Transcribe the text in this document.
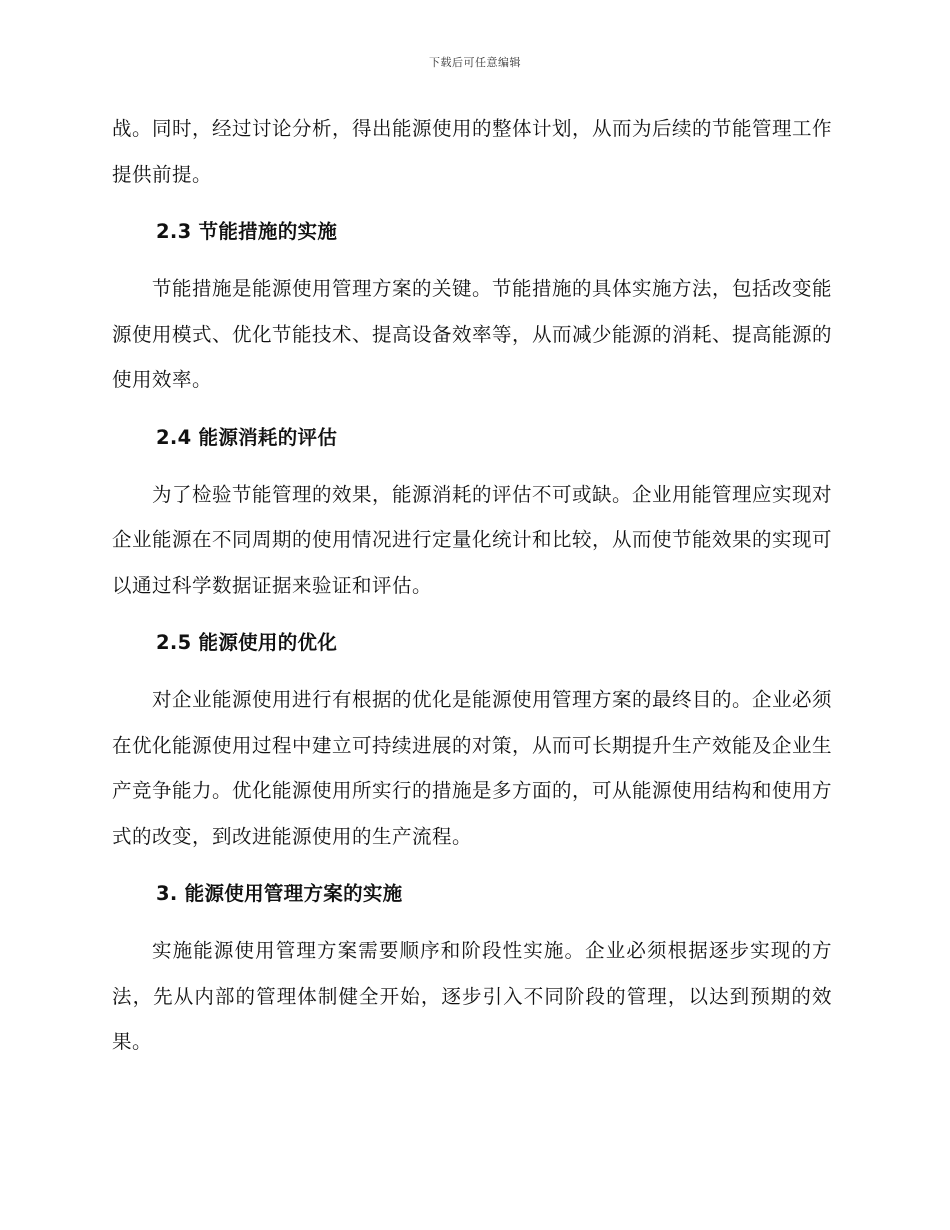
下载后可任意编辑

战。同时，经过讨论分析，得出能源使用的整体计划，从而为后续的节能管理工作提供前提。

2.3 节能措施的实施

节能措施是能源使用管理方案的关键。节能措施的具体实施方法，包括改变能源使用模式、优化节能技术、提高设备效率等，从而减少能源的消耗、提高能源的使用效率。

2.4 能源消耗的评估

为了检验节能管理的效果，能源消耗的评估不可或缺。企业用能管理应实现对企业能源在不同周期的使用情况进行定量化统计和比较，从而使节能效果的实现可以通过科学数据证据来验证和评估。

2.5 能源使用的优化

对企业能源使用进行有根据的优化是能源使用管理方案的最终目的。企业必须在优化能源使用过程中建立可持续进展的对策，从而可长期提升生产效能及企业生产竞争能力。优化能源使用所实行的措施是多方面的，可从能源使用结构和使用方式的改变，到改进能源使用的生产流程。

3. 能源使用管理方案的实施

实施能源使用管理方案需要顺序和阶段性实施。企业必须根据逐步实现的方法，先从内部的管理体制健全开始，逐步引入不同阶段的管理，以达到预期的效果。
